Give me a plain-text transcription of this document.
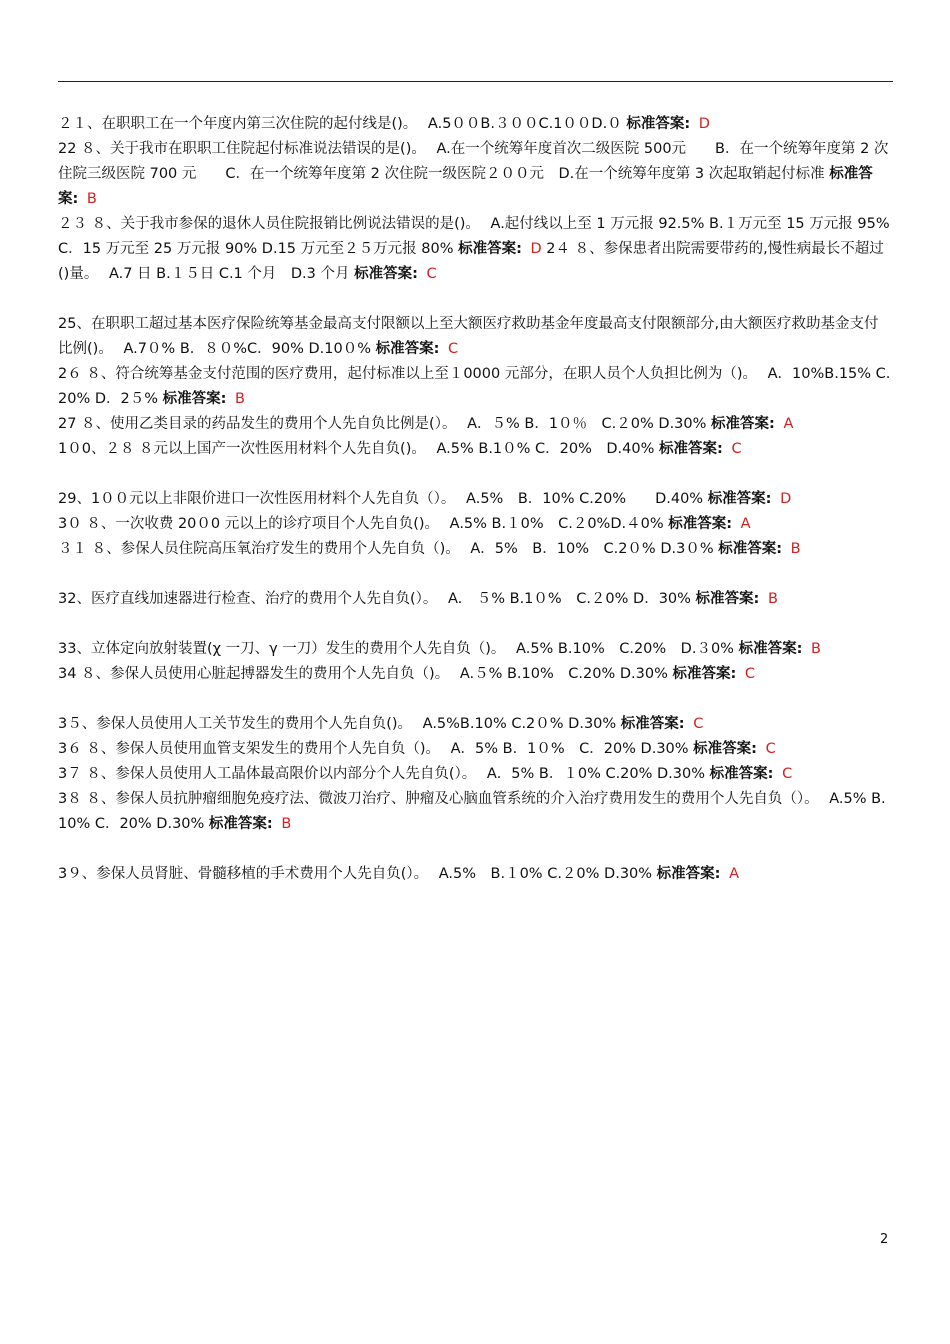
２１、在职职工在一个年度内第三次住院的起付线是()。 A.5００B.３００C.1００D.０ 标准答案: D

22 ８、关于我市在职职工住院起付标准说法错误的是()。 A.在一个统筹年度首次二级医院 500元　　B．在一个统筹年度第 2 次住院三级医院 700 元　　C．在一个统筹年度第 2 次住院一级医院２００元　D.在一个统筹年度第 3 次起取销起付标准 标准答案: B

２３ ８、关于我市参保的退休人员住院报销比例说法错误的是()。 A.起付线以上至 1 万元报 92.5% B.１万元至 15 万元报 95% C．15 万元至 25 万元报 90% D.15 万元至２５万元报 80% 标准答案: D 2４ ８、参保患者出院需要带药的,慢性病最长不超过()量。 A.7 日 B.１５日 C.1 个月　D.3 个月 标准答案: C

25、在职职工超过基本医疗保险统筹基金最高支付限额以上至大额医疗救助基金年度最高支付限额部分,由大额医疗救助基金支付比例()。 A.7０% B．８０%C．90% D.10０% 标准答案: C

2６ ８、符合统筹基金支付范围的医疗费用，起付标准以上至１0000 元部分，在职人员个人负担比例为（)。 A．10%B.15% C.20% D．2５% 标准答案: B

27 ８、使用乙类目录的药品发生的费用个人先自负比例是(）。 A．５% B．1０％　C.２0% D.30% 标准答案: A

1０0、２８ ８元以上国产一次性医用材料个人先自负()。 A.5% B.1０% C．20%　D.40% 标准答案: C

29、1００元以上非限价进口一次性医用材料个人先自负（）。 A.5%　B．10% C.20%　　D.40% 标准答案: D

3０ ８、一次收费 20０0 元以上的诊疗项目个人先自负()。 A.5% B.１0%　C.２0%D.４0% 标准答案: A

３１ ８、参保人员住院高压氧治疗发生的费用个人先自负（)。 A．5%　B．10%　C.2０% D.3０% 标准答案: B

32、医疗直线加速器进行检查、治疗的费用个人先自负(）。 A.　５% B.1０%　C.２0% D．30% 标准答案: B

33、立体定向放射装置(χ 一刀、γ 一刀）发生的费用个人先自负（)。 A.5% B.10%　C.20%　D.３0% 标准答案: B

34 ８、参保人员使用心脏起搏器发生的费用个人先自负（)。 A.５% B.10%　C.20% D.30% 标准答案: C

3５、参保人员使用人工关节发生的费用个人先自负()。 A.5%B.10% C.2０% D.30% 标准答案: C

3６ ８、参保人员使用血管支架发生的费用个人先自负（)。 A．5% B．1０%　C．20% D.30% 标准答案: C

3７ ８、参保人员使用人工晶体最高限价以内部分个人先自负(）。 A．5% B．１0% C.20% D.30% 标准答案: C

3８ ８、参保人员抗肿瘤细胞免疫疗法、微波刀治疗、肿瘤及心脑血管系统的介入治疗费用发生的费用个人先自负（）。 A.5% B.10% C．20% D.30% 标准答案: B

3９、参保人员肾脏、骨髓移植的手术费用个人先自负(）。 A.5%　B.１0% C.２0% D.30% 标准答案: A

2
